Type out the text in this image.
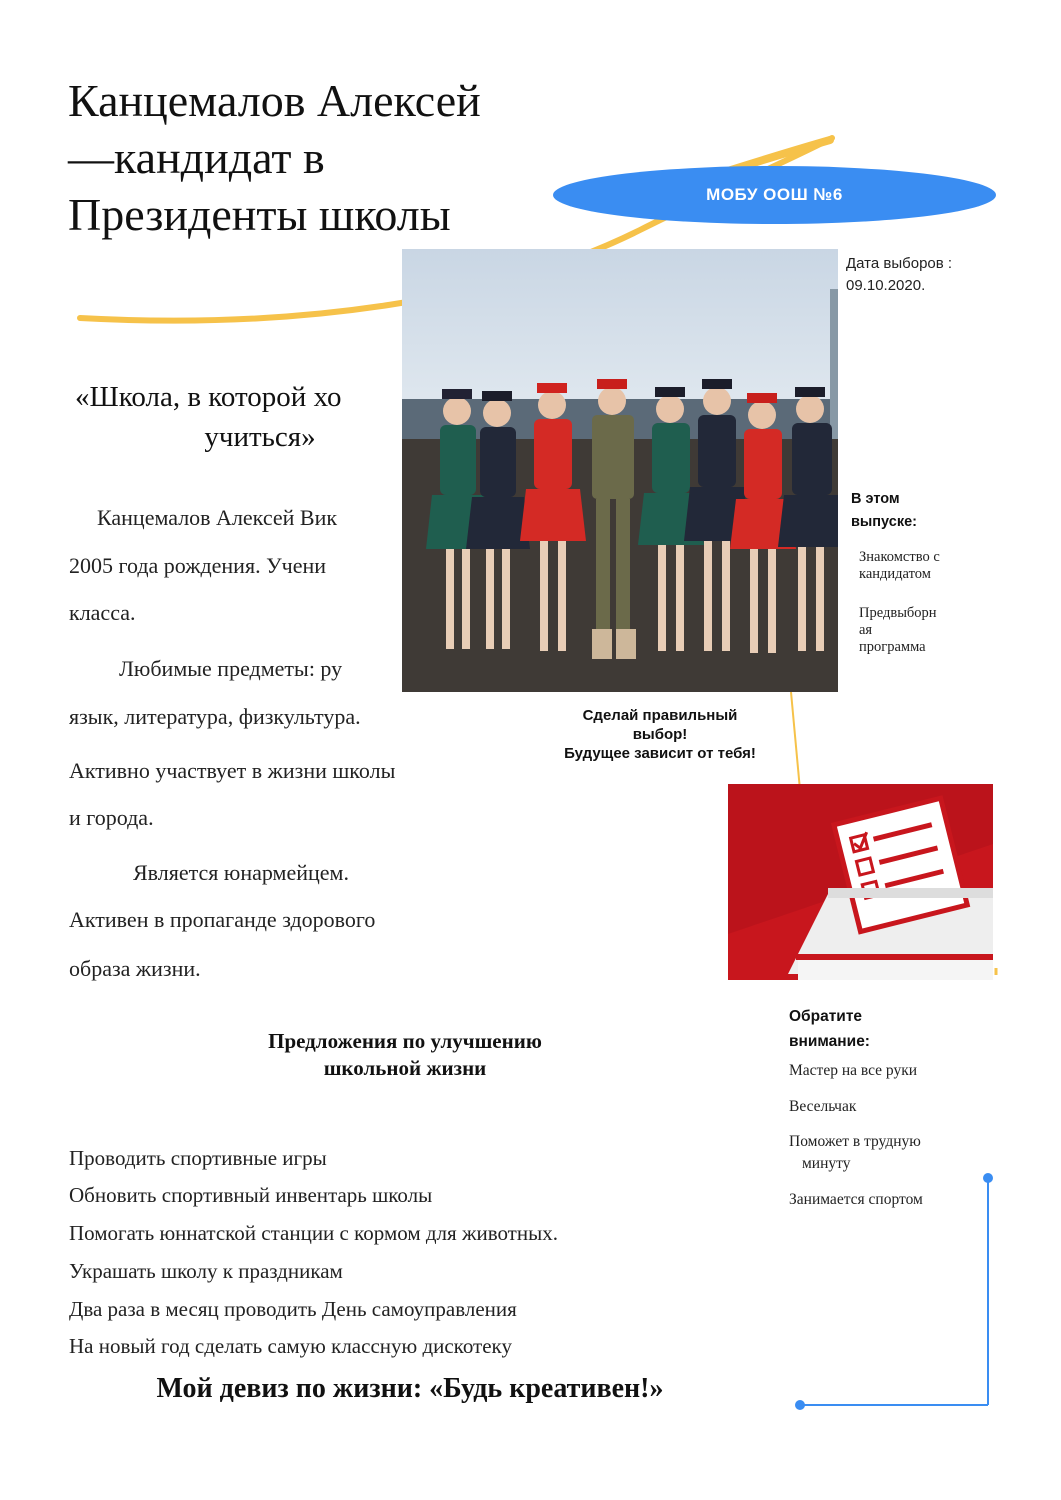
Канцемалов Алексей
—кандидат в
Президенты школы	МОБУ ООШ №6
Дата выборов :
09.10.2020.
«Школа, в которой хо
учиться»
Канцемалов Алексей Вик
2005 года рождения. Учени
класса.
Любимые предметы: ру
язык, литература, физкультура.
Активно участвует в жизни школы
и города.
Является юнармейцем.
Активен в пропаганде здорового
образа жизни.
Сделай правильный
выбор!
Будущее зависит от тебя!
В этом
выпуске:
Знакомство с
кандидатом
Предвыборн
ая
программа
Обратите
внимание:
Мастер на все руки
Весельчак
Поможет в трудную
минуту
Занимается спортом
Предложения по улучшению
школьной жизни
Проводить спортивные игры
Обновить спортивный инвентарь школы
Помогать юннатской станции с кормом для животных.
Украшать школу к праздникам
Два раза в месяц проводить День самоуправления
На новый год сделать самую классную дискотеку
Мой девиз по жизни: «Будь креативен!»
